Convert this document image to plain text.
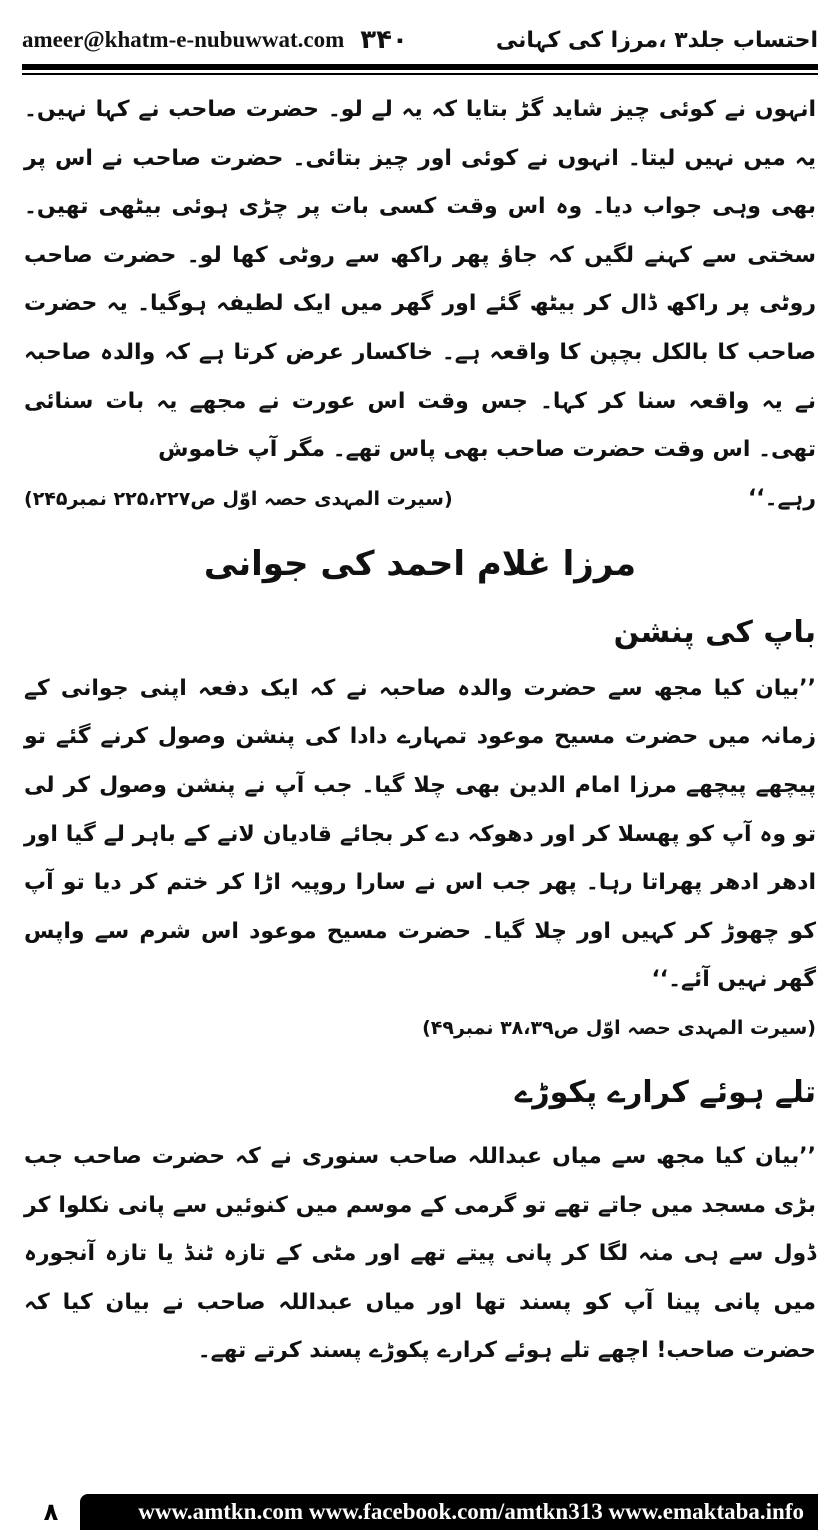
ameer@khatm-e-nubuwwat.com ۳۴۰	احتساب جلد۳ ،مرزا کی کہانی

انہوں نے کوئی چیز شاید گڑ بتایا کہ یہ لے لو۔ حضرت صاحب نے کہا نہیں۔ یہ میں نہیں لیتا۔ انہوں نے کوئی اور چیز بتائی۔ حضرت صاحب نے اس پر بھی وہی جواب دیا۔ وہ اس وقت کسی بات پر چڑی ہوئی بیٹھی تھیں۔ سختی سے کہنے لگیں کہ جاؤ پھر راکھ سے روٹی کھا لو۔ حضرت صاحب روٹی پر راکھ ڈال کر بیٹھ گئے اور گھر میں ایک لطیفہ ہوگیا۔ یہ حضرت صاحب کا بالکل بچپن کا واقعہ ہے۔ خاکسار عرض کرتا ہے کہ والدہ صاحبہ نے یہ واقعہ سنا کر کہا۔ جس وقت اس عورت نے مجھے یہ بات سنائی تھی۔ اس وقت حضرت صاحب بھی پاس تھے۔ مگر آپ خاموش

رہے۔‘‘
(سیرت المہدی حصہ اوّل ص۲۲۵،۲۲۷ نمبر۲۴۵)
مرزا غلام احمد کی جوانی
باپ کی پنشن

’’بیان کیا مجھ سے حضرت والدہ صاحبہ نے کہ ایک دفعہ اپنی جوانی کے زمانہ میں حضرت مسیح موعود تمہارے دادا کی پنشن وصول کرنے گئے تو پیچھے پیچھے مرزا امام الدین بھی چلا گیا۔ جب آپ نے پنشن وصول کر لی تو وہ آپ کو پھسلا کر اور دھوکہ دے کر بجائے قادیان لانے کے باہر لے گیا اور ادھر ادھر پھراتا رہا۔ پھر جب اس نے سارا روپیہ اڑا کر ختم کر دیا تو آپ کو چھوڑ کر کہیں اور چلا گیا۔ حضرت مسیح موعود اس شرم سے واپس گھر نہیں آئے۔‘‘

(سیرت المہدی حصہ اوّل ص۳۸،۳۹ نمبر۴۹)

تلے ہوئے کرارے پکوڑے

’’بیان کیا مجھ سے میاں عبداللہ صاحب سنوری نے کہ حضرت صاحب جب بڑی مسجد میں جاتے تھے تو گرمی کے موسم میں کنوئیں سے پانی نکلوا کر ڈول سے ہی منہ لگا کر پانی پیتے تھے اور مٹی کے تازہ ٹنڈ یا تازہ آنجورہ میں پانی پینا آپ کو پسند تھا اور میاں عبداللہ صاحب نے بیان کیا کہ حضرت صاحب! اچھے تلے ہوئے کرارے پکوڑے پسند کرتے تھے۔

۸	www.amtkn.com www.facebook.com/amtkn313 www.emaktaba.info
